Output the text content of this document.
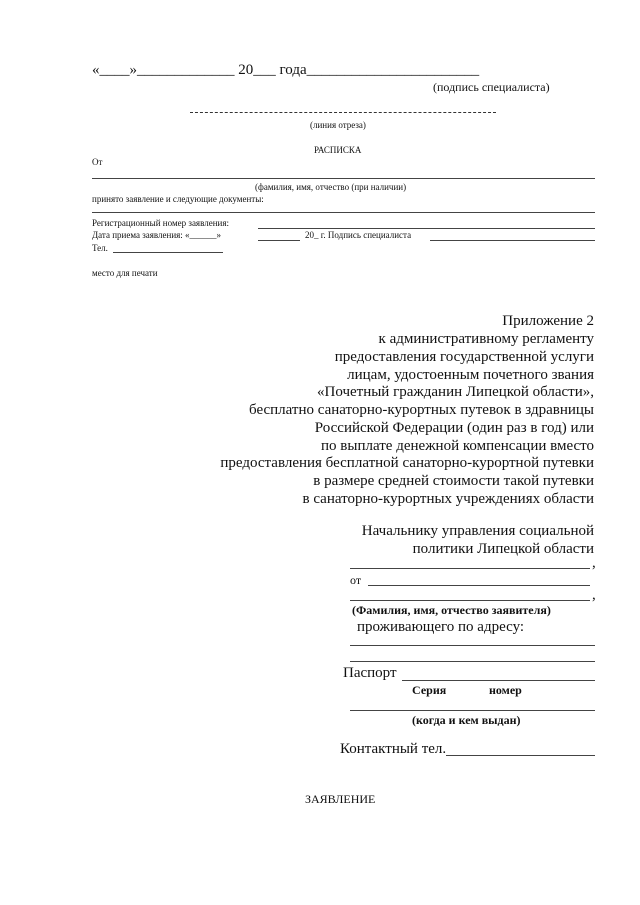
«____»_____________ 20___ года_______________________
(подпись специалиста)
(линия отреза)
РАСПИСКА
От
(фамилия, имя, отчество (при наличии)
принято заявление и следующие документы:
Регистрационный номер заявления:
Дата приема заявления: «______»	20_ г. Подпись специалиста
Тел.
место для печати
Приложение 2
к административному регламенту
предоставления государственной услуги
лицам, удостоенным почетного звания
«Почетный гражданин Липецкой области»,
бесплатно санаторно-курортных путевок в здравницы
Российской Федерации (один раз в год) или
по выплате денежной компенсации вместо
предоставления бесплатной санаторно-курортной путевки
в размере средней стоимости такой путевки
в санаторно-курортных учреждениях области
Начальнику управления социальной
политики Липецкой области
,
от
,
(Фамилия, имя, отчество заявителя)
проживающего по адресу:
Паспорт
Серия	номер
(когда и кем выдан)
Контактный тел.
ЗАЯВЛЕНИЕ
